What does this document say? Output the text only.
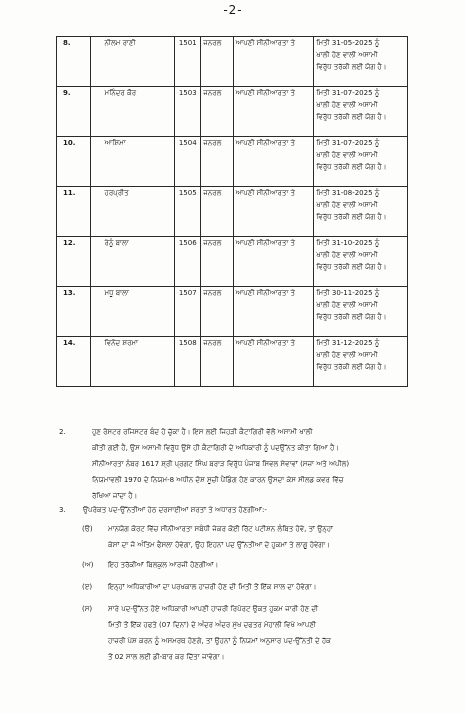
-2-
8.	ਨੀਲਮ ਰਾਣੀ	1501	ਜਨਰਲ	ਆਪਣੀ ਸੀਨੀਆਰਤਾ ਤੇ	ਮਿਤੀ 31-05-2025 ਨੂੰ
ਖਾਲੀ ਹੋਣ ਵਾਲੀ ਅਸਾਮੀ
ਵਿਰੁੱਧ ਤਰੱਕੀ ਲਈ ਯੋਗ ਹੈ।

9.	ਮਨਿੰਦਰ ਕੌਰ	1503	ਜਨਰਲ	ਆਪਣੀ ਸੀਨੀਆਰਤਾ ਤੇ	ਮਿਤੀ 31-07-2025 ਨੂੰ
ਖਾਲੀ ਹੋਣ ਵਾਲੀ ਅਸਾਮੀ
ਵਿਰੁੱਧ ਤਰੱਕੀ ਲਈ ਯੋਗ ਹੈ।

10.	ਆਸ਼ਿਮਾ	1504	ਜਨਰਲ	ਆਪਣੀ ਸੀਨੀਆਰਤਾ ਤੇ	ਮਿਤੀ 31-07-2025 ਨੂੰ
ਖਾਲੀ ਹੋਣ ਵਾਲੀ ਅਸਾਮੀ
ਵਿਰੁੱਧ ਤਰੱਕੀ ਲਈ ਯੋਗ ਹੈ।

11.	ਹਰਪ੍ਰੀਤ	1505	ਜਨਰਲ	ਆਪਣੀ ਸੀਨੀਆਰਤਾ ਤੇ	ਮਿਤੀ 31-08-2025 ਨੂੰ
ਖਾਲੀ ਹੋਣ ਵਾਲੀ ਅਸਾਮੀ
ਵਿਰੁੱਧ ਤਰੱਕੀ ਲਈ ਯੋਗ ਹੈ।

12.	ਰੇਨੂੰ ਬਾਲਾ	1506	ਜਨਰਲ	ਆਪਣੀ ਸੀਨੀਆਰਤਾ ਤੇ	ਮਿਤੀ 31-10-2025 ਨੂੰ
ਖਾਲੀ ਹੋਣ ਵਾਲੀ ਅਸਾਮੀ
ਵਿਰੁੱਧ ਤਰੱਕੀ ਲਈ ਯੋਗ ਹੈ।

13.	ਮਧੂ ਬਾਲਾ	1507	ਜਨਰਲ	ਆਪਣੀ ਸੀਨੀਆਰਤਾ ਤੇ	ਮਿਤੀ 30-11-2025 ਨੂੰ
ਖਾਲੀ ਹੋਣ ਵਾਲੀ ਅਸਾਮੀ
ਵਿਰੁੱਧ ਤਰੱਕੀ ਲਈ ਯੋਗ ਹੈ।

14.	ਵਿਨੋਦ ਸ਼ਰਮਾ	1508	ਜਨਰਲ	ਆਪਣੀ ਸੀਨੀਆਰਤਾ ਤੇ	ਮਿਤੀ 31-12-2025 ਨੂੰ
ਖਾਲੀ ਹੋਣ ਵਾਲੀ ਅਸਾਮੀ
ਵਿਰੁੱਧ ਤਰੱਕੀ ਲਈ ਯੋਗ ਹੈ।
2.	ਹੁਣ ਰੋਸਟਰ ਰਜਿਸਟਰ ਬੰਦ ਹੋ ਚੁੱਕਾ ਹੈ। ਇਸ ਲਈ ਜਿਹੜੀ ਕੈਟਾਗਿਰੀ ਵੱਲੋਂ ਅਸਾਮੀ ਖਾਲੀ
ਕੀਤੀ ਗਈ ਹੈ, ਉਸ ਅਸਾਮੀ ਵਿਰੁੱਧ ਉਸੇ ਹੀ ਕੈਟਾਗਿਰੀ ਦੇ ਅਧਿਕਾਰੀ ਨੂੰ ਪਦਉੱਨਤ ਕੀਤਾ ਗਿਆ ਹੈ।
ਸੀਨੀਆਰਤਾ ਨੰਬਰ 1617 ਸ਼੍ਰੀ ਪ੍ਰਗਟ ਸਿੰਘ ਬਰਾੜ ਵਿਰੁੱਧ ਪੰਜਾਬ ਸਿਵਲ ਸੇਵਾਵਾਂ (ਸਜ਼ਾ ਅਤੇ ਅਪੀਲ)
ਨਿਯਮਾਵਲੀ 1970 ਦੇ ਨਿਯਮ-8 ਅਧੀਨ ਦੋਸ਼ ਸੂਚੀ ਪੈਂਡਿੰਗ ਹੋਣ ਕਾਰਨ ਉਸਦਾ ਕੇਸ ਸੀਲਡ ਕਵਰ ਵਿੱਚ
ਰੱਖਿਆ ਜਾਂਦਾ ਹੈ।
3. ਉਪਰੋਕਤ ਪਦ-ਉੱਨਤੀਆਂ ਹੇਠ ਦਰਸਾਈਆਂ ਸ਼ਰਤਾਂ ਤੇ ਅਧਾਰਤ ਹੋਣਗੀਆਂ:-
(ੳ) ਮਾਨਯੋਗ ਕੋਰਟ ਵਿੱਚ ਸੀਨੀਆਰਤਾ ਸਬੰਧੀ ਜੇਕਰ ਕੋਈ ਰਿੱਟ ਪਟੀਸ਼ਨ ਲੰਬਿਤ ਹੋਵੇ, ਤਾਂ ਉਨ੍ਹਾਂ
ਕੇਸਾਂ ਦਾ ਜੋ ਅੰਤਿਮ ਫੈਸਲਾ ਹੋਵੇਗਾ, ਉਹ ਇਹਨਾਂ ਪਦ ਉੱਨਤੀਆਂ ਦੇ ਹੁਕਮਾਂ ਤੇ ਲਾਗੂ ਹੋਵੇਗਾ।
(ਅ) ਇਹ ਤਰੱਕੀਆਂ ਬਿਲਕੁਲ ਆਰਜੀ ਹੋਣਗੀਆਂ।
(ੲ) ਇਨ੍ਹਾਂ ਅਧਿਕਾਰੀਆਂ ਦਾ ਪਰਖਕਾਲ ਹਾਜ਼ਰੀ ਹੋਣ ਦੀ ਮਿਤੀ ਤੋਂ ਇੱਕ ਸਾਲ ਦਾ ਹੋਵੇਗਾ।
(ਸ) ਸਾਰੇ ਪਦ-ਉੱਨਤ ਹੋਏ ਅਧਿਕਾਰੀ ਆਪਣੀ ਹਾਜ਼ਰੀ ਰਿਪੋਰਟ ਉਕਤ ਹੁਕਮ ਜਾਰੀ ਹੋਣ ਦੀ
ਮਿਤੀ ਤੋਂ ਇੱਕ ਹਫਤੇ (07 ਦਿਨਾਂ) ਦੇ ਅੰਦਰ ਅੰਦਰ ਮੁੱਖ ਦਫਤਰ ਮੋਹਾਲੀ ਵਿਖੇ ਆਪਣੀ
ਹਾਜ਼ਰੀ ਪੇਸ਼ ਕਰਨ ਨੂੰ ਅਸਮਰਥ ਹੋਣਗੇ, ਤਾਂ ਉਹਨਾਂ ਨੂੰ ਨਿਯਮਾਂ ਅਨੁਸਾਰ ਪਦ-ਉੱਨਤੀ ਦੇ ਹੱਕ
ਤੋਂ 02 ਸਾਲ ਲਈ ਡੀ-ਬਾਰ ਕਰ ਦਿੱਤਾ ਜਾਵੇਗਾ।
